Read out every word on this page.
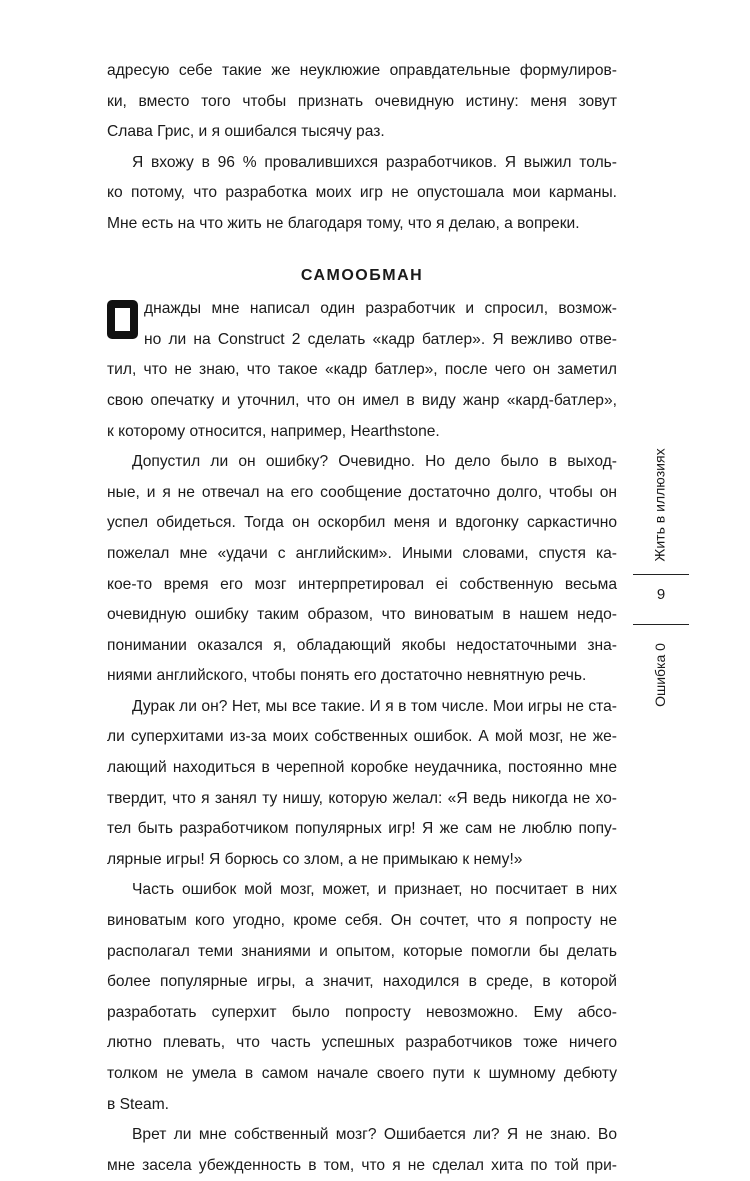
адресую себе такие же неуклюжие оправдательные формулиров-
ки, вместо того чтобы признать очевидную истину: меня зовут
Слава Грис, и я ошибался тысячу раз.
Я вхожу в 96 % провалившихся разработчиков. Я выжил толь-
ко потому, что разработка моих игр не опустошала мои карманы.
Мне есть на что жить не благодаря тому, что я делаю, а вопреки.
САМООБМАН
днажды мне написал один разработчик и спросил, возмож-
но ли на Construct 2 сделать «кадр батлер». Я вежливо отве-
тил, что не знаю, что такое «кадр батлер», после чего он заметил
свою опечатку и уточнил, что он имел в виду жанр «кард-батлер»,
к которому относится, например, Hearthstone.
Допустил ли он ошибку? Очевидно. Но дело было в выход-
ные, и я не отвечал на его сообщение достаточно долго, чтобы он
успел обидеться. Тогда он оскорбил меня и вдогонку саркастично
пожелал мне «удачи с английским». Иными словами, спустя ка-
кое-то время его мозг интерпретировал ei собственную весьма
очевидную ошибку таким образом, что виноватым в нашем недо-
понимании оказался я, обладающий якобы недостаточными зна-
ниями английского, чтобы понять его достаточно невнятную речь.
Дурак ли он? Нет, мы все такие. И я в том числе. Мои игры не ста-
ли суперхитами из-за моих собственных ошибок. А мой мозг, не же-
лающий находиться в черепной коробке неудачника, постоянно мне
твердит, что я занял ту нишу, которую желал: «Я ведь никогда не хо-
тел быть разработчиком популярных игр! Я же сам не люблю попу-
лярные игры! Я борюсь со злом, а не примыкаю к нему!»
Часть ошибок мой мозг, может, и признает, но посчитает в них
виноватым кого угодно, кроме себя. Он сочтет, что я попросту не
располагал теми знаниями и опытом, которые помогли бы делать
более популярные игры, а значит, находился в среде, в которой
разработать суперхит было попросту невозможно. Ему абсо-
лютно плевать, что часть успешных разработчиков тоже ничего
толком не умела в самом начале своего пути к шумному дебюту
в Steam.
Врет ли мне собственный мозг? Ошибается ли? Я не знаю. Во
мне засела убежденность в том, что я не сделал хита по той при-
Жить в иллюзиях
9
Ошибка 0
